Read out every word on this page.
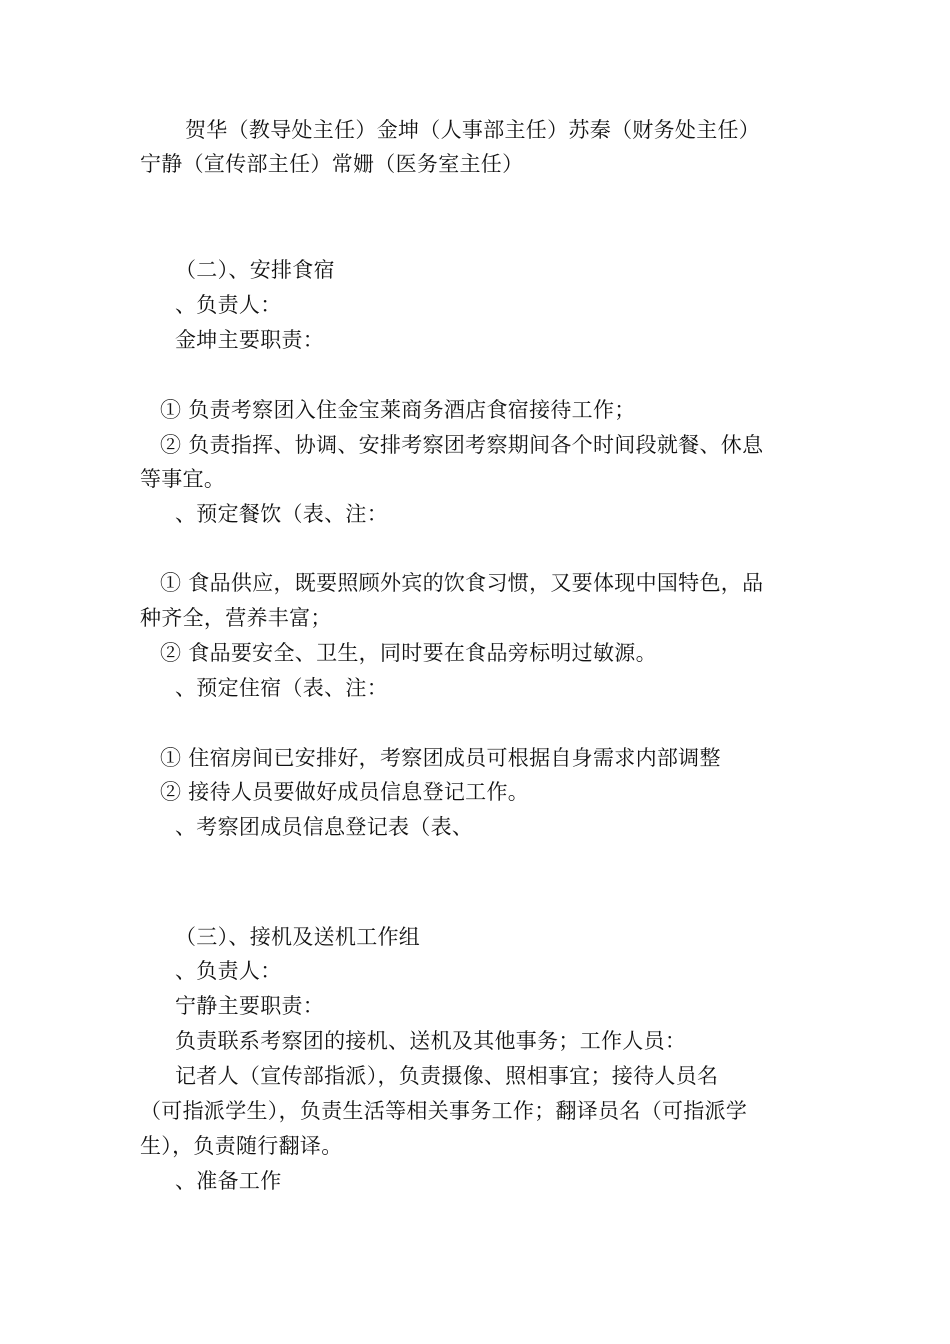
贺华（教导处主任）金坤（人事部主任）苏秦（财务处主任）
宁静（宣传部主任）常姗（医务室主任）
（二）、安排食宿
、负责人：
金坤主要职责：
① 负责考察团入住金宝莱商务酒店食宿接待工作；
② 负责指挥、协调、安排考察团考察期间各个时间段就餐、休息
等事宜。
、预定餐饮（表、注：
① 食品供应，既要照顾外宾的饮食习惯，又要体现中国特色，品
种齐全，营养丰富；
② 食品要安全、卫生，同时要在食品旁标明过敏源。
、预定住宿（表、注：
① 住宿房间已安排好，考察团成员可根据自身需求内部调整
② 接待人员要做好成员信息登记工作。
、考察团成员信息登记表（表、
（三）、接机及送机工作组
、负责人：
宁静主要职责：
负责联系考察团的接机、送机及其他事务；工作人员：
记者人（宣传部指派），负责摄像、照相事宜；接待人员名
（可指派学生），负责生活等相关事务工作；翻译员名（可指派学
生），负责随行翻译。
、准备工作
